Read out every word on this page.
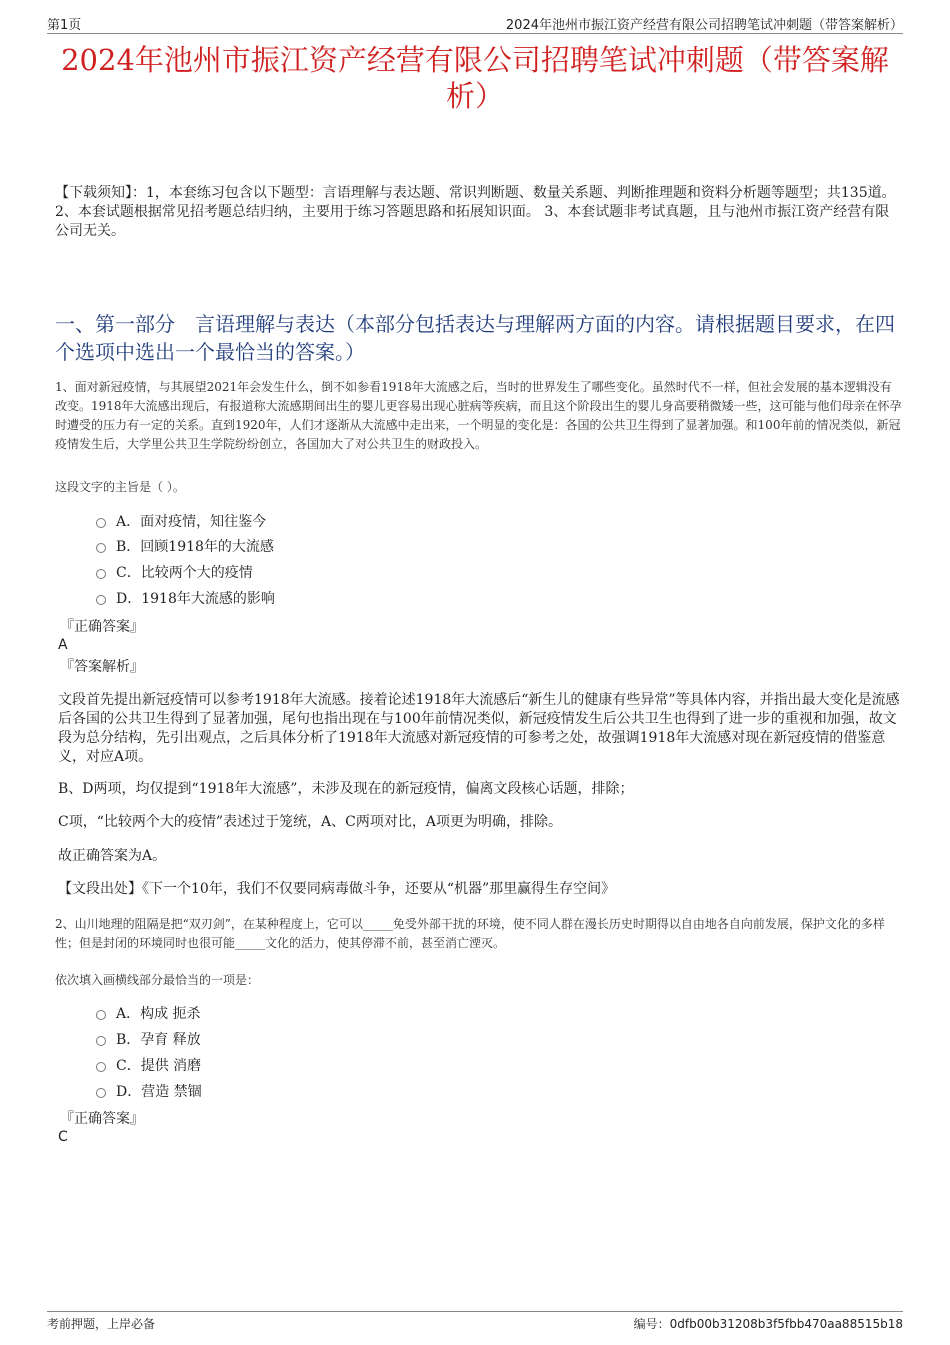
第1页	2024年池州市振江资产经营有限公司招聘笔试冲刺题（带答案解析）
2024年池州市振江资产经营有限公司招聘笔试冲刺题（带答案解析）
【下载须知】：1，本套练习包含以下题型：言语理解与表达题、常识判断题、数量关系题、判断推理题和资料分析题等题型；共135道。 2、本套试题根据常见招考题总结归纳，主要用于练习答题思路和拓展知识面。 3、本套试题非考试真题，且与池州市振江资产经营有限公司无关。
一、第一部分　言语理解与表达（本部分包括表达与理解两方面的内容。请根据题目要求，在四个选项中选出一个最恰当的答案。）
1、面对新冠疫情，与其展望2021年会发生什么，倒不如参看1918年大流感之后，当时的世界发生了哪些变化。虽然时代不一样，但社会发展的基本逻辑没有改变。1918年大流感出现后，有报道称大流感期间出生的婴儿更容易出现心脏病等疾病，而且这个阶段出生的婴儿身高要稍微矮一些，这可能与他们母亲在怀孕时遭受的压力有一定的关系。直到1920年，人们才逐渐从大流感中走出来，一个明显的变化是：各国的公共卫生得到了显著加强。和100年前的情况类似，新冠疫情发生后，大学里公共卫生学院纷纷创立，各国加大了对公共卫生的财政投入。
这段文字的主旨是（ ）。
A．面对疫情，知往鉴今
B．回顾1918年的大流感
C．比较两个大的疫情
D．1918年大流感的影响
『正确答案』
A
『答案解析』
文段首先提出新冠疫情可以参考1918年大流感。接着论述1918年大流感后“新生儿的健康有些异常”等具体内容，并指出最大变化是流感后各国的公共卫生得到了显著加强，尾句也指出现在与100年前情况类似，新冠疫情发生后公共卫生也得到了进一步的重视和加强，故文段为总分结构，先引出观点，之后具体分析了1918年大流感对新冠疫情的可参考之处，故强调1918年大流感对现在新冠疫情的借鉴意义，对应A项。
B、D两项，均仅提到“1918年大流感”，未涉及现在的新冠疫情，偏离文段核心话题，排除；
C项，“比较两个大的疫情”表述过于笼统，A、C两项对比，A项更为明确，排除。
故正确答案为A。
【文段出处】《下一个10年，我们不仅要同病毒做斗争，还要从“机器”那里赢得生存空间》
2、山川地理的阻隔是把“双刃剑”，在某种程度上，它可以_____免受外部干扰的环境，使不同人群在漫长历史时期得以自由地各自向前发展，保护文化的多样性；但是封闭的环境同时也很可能_____文化的活力，使其停滞不前，甚至消亡湮灭。
依次填入画横线部分最恰当的一项是：
A．构成 扼杀
B．孕育 释放
C．提供 消磨
D．营造 禁锢
『正确答案』
C
考前押题，上岸必备	编号：0dfb00b31208b3f5fbb470aa88515b18
